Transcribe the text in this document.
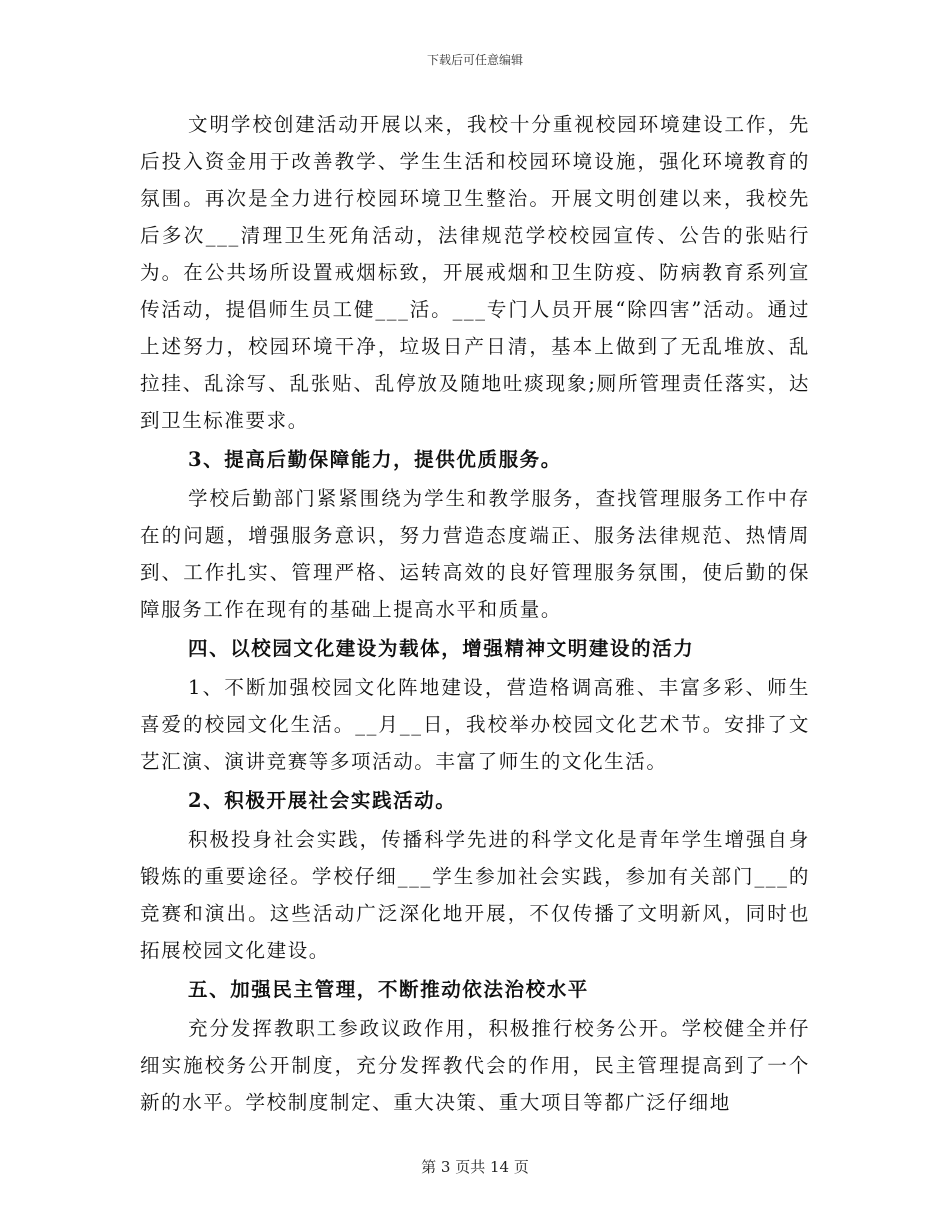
下载后可任意编辑

文明学校创建活动开展以来，我校十分重视校园环境建设工作，先后投入资金用于改善教学、学生生活和校园环境设施，强化环境教育的氛围。再次是全力进行校园环境卫生整治。开展文明创建以来，我校先后多次___清理卫生死角活动，法律规范学校校园宣传、公告的张贴行为。在公共场所设置戒烟标致，开展戒烟和卫生防疫、防病教育系列宣传活动，提倡师生员工健___活。___专门人员开展“除四害”活动。通过上述努力，校园环境干净，垃圾日产日清，基本上做到了无乱堆放、乱拉挂、乱涂写、乱张贴、乱停放及随地吐痰现象;厕所管理责任落实，达到卫生标准要求。

3、提高后勤保障能力，提供优质服务。

学校后勤部门紧紧围绕为学生和教学服务，查找管理服务工作中存在的问题，增强服务意识，努力营造态度端正、服务法律规范、热情周到、工作扎实、管理严格、运转高效的良好管理服务氛围，使后勤的保障服务工作在现有的基础上提高水平和质量。

四、以校园文化建设为载体，增强精神文明建设的活力

1、不断加强校园文化阵地建设，营造格调高雅、丰富多彩、师生喜爱的校园文化生活。__月__日，我校举办校园文化艺术节。安排了文艺汇演、演讲竞赛等多项活动。丰富了师生的文化生活。

2、积极开展社会实践活动。

积极投身社会实践，传播科学先进的科学文化是青年学生增强自身锻炼的重要途径。学校仔细___学生参加社会实践，参加有关部门___的竞赛和演出。这些活动广泛深化地开展，不仅传播了文明新风，同时也拓展校园文化建设。

五、加强民主管理，不断推动依法治校水平

充分发挥教职工参政议政作用，积极推行校务公开。学校健全并仔细实施校务公开制度，充分发挥教代会的作用，民主管理提高到了一个新的水平。学校制度制定、重大决策、重大项目等都广泛仔细地

第 3 页共 14 页
